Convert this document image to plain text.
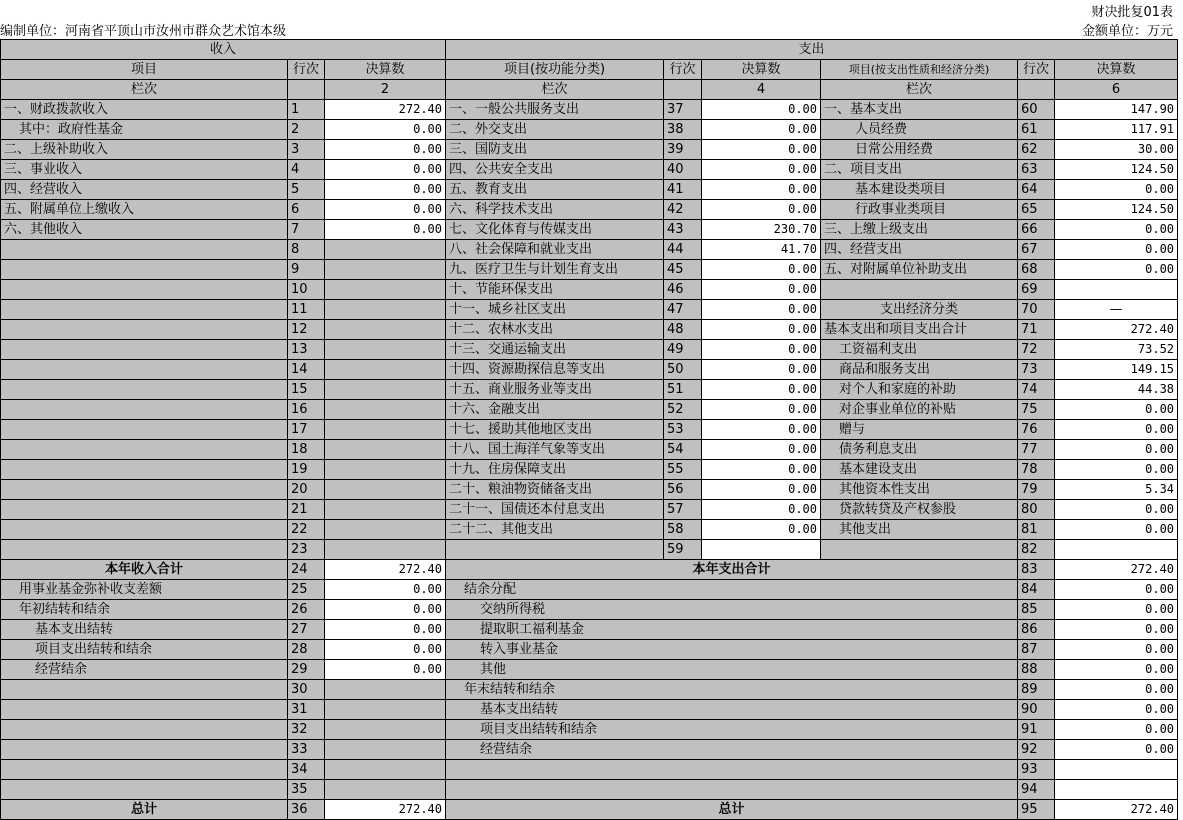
财决批复01表
编制单位：河南省平顶山市汝州市群众艺术馆本级	金额单位：万元
收入			支出					
项目	行次	决算数	项目(按功能分类)	行次	决算数	项目(按支出性质和经济分类)	行次	决算数
栏次		2	栏次		4	栏次		6
一、财政拨款收入	1	272.40	一、一般公共服务支出	37	0.00	一、基本支出	60	147.90
其中：政府性基金	2	0.00	二、外交支出	38	0.00	人员经费	61	117.91
二、上级补助收入	3	0.00	三、国防支出	39	0.00	日常公用经费	62	30.00
三、事业收入	4	0.00	四、公共安全支出	40	0.00	二、项目支出	63	124.50
四、经营收入	5	0.00	五、教育支出	41	0.00	基本建设类项目	64	0.00
五、附属单位上缴收入	6	0.00	六、科学技术支出	42	0.00	行政事业类项目	65	124.50
六、其他收入	7	0.00	七、文化体育与传媒支出	43	230.70	三、上缴上级支出	66	0.00
	8		八、社会保障和就业支出	44	41.70	四、经营支出	67	0.00
	9		九、医疗卫生与计划生育支出	45	0.00	五、对附属单位补助支出	68	0.00
	10		十、节能环保支出	46	0.00		69	
	11		十一、城乡社区支出	47	0.00	支出经济分类	70	—
	12		十二、农林水支出	48	0.00	基本支出和项目支出合计	71	272.40
	13		十三、交通运输支出	49	0.00	工资福利支出	72	73.52
	14		十四、资源勘探信息等支出	50	0.00	商品和服务支出	73	149.15
	15		十五、商业服务业等支出	51	0.00	对个人和家庭的补助	74	44.38
	16		十六、金融支出	52	0.00	对企事业单位的补贴	75	0.00
	17		十七、援助其他地区支出	53	0.00	赠与	76	0.00
	18		十八、国土海洋气象等支出	54	0.00	债务利息支出	77	0.00
	19		十九、住房保障支出	55	0.00	基本建设支出	78	0.00
	20		二十、粮油物资储备支出	56	0.00	其他资本性支出	79	5.34
	21		二十一、国债还本付息支出	57	0.00	贷款转贷及产权参股	80	0.00
	22		二十二、其他支出	58	0.00	其他支出	81	0.00
	23			59			82	
本年收入合计	24	272.40	本年支出合计				83	272.40
用事业基金弥补收支差额	25	0.00	结余分配				84	0.00
年初结转和结余	26	0.00	交纳所得税				85	0.00
基本支出结转	27	0.00	提取职工福利基金				86	0.00
项目支出结转和结余	28	0.00	转入事业基金				87	0.00
经营结余	29	0.00	其他				88	0.00
	30		年末结转和结余				89	0.00
	31		基本支出结转				90	0.00
	32		项目支出结转和结余				91	0.00
	33		经营结余				92	0.00
	34						93	
	35						94	
总计	36	272.40	总计				95	272.40
